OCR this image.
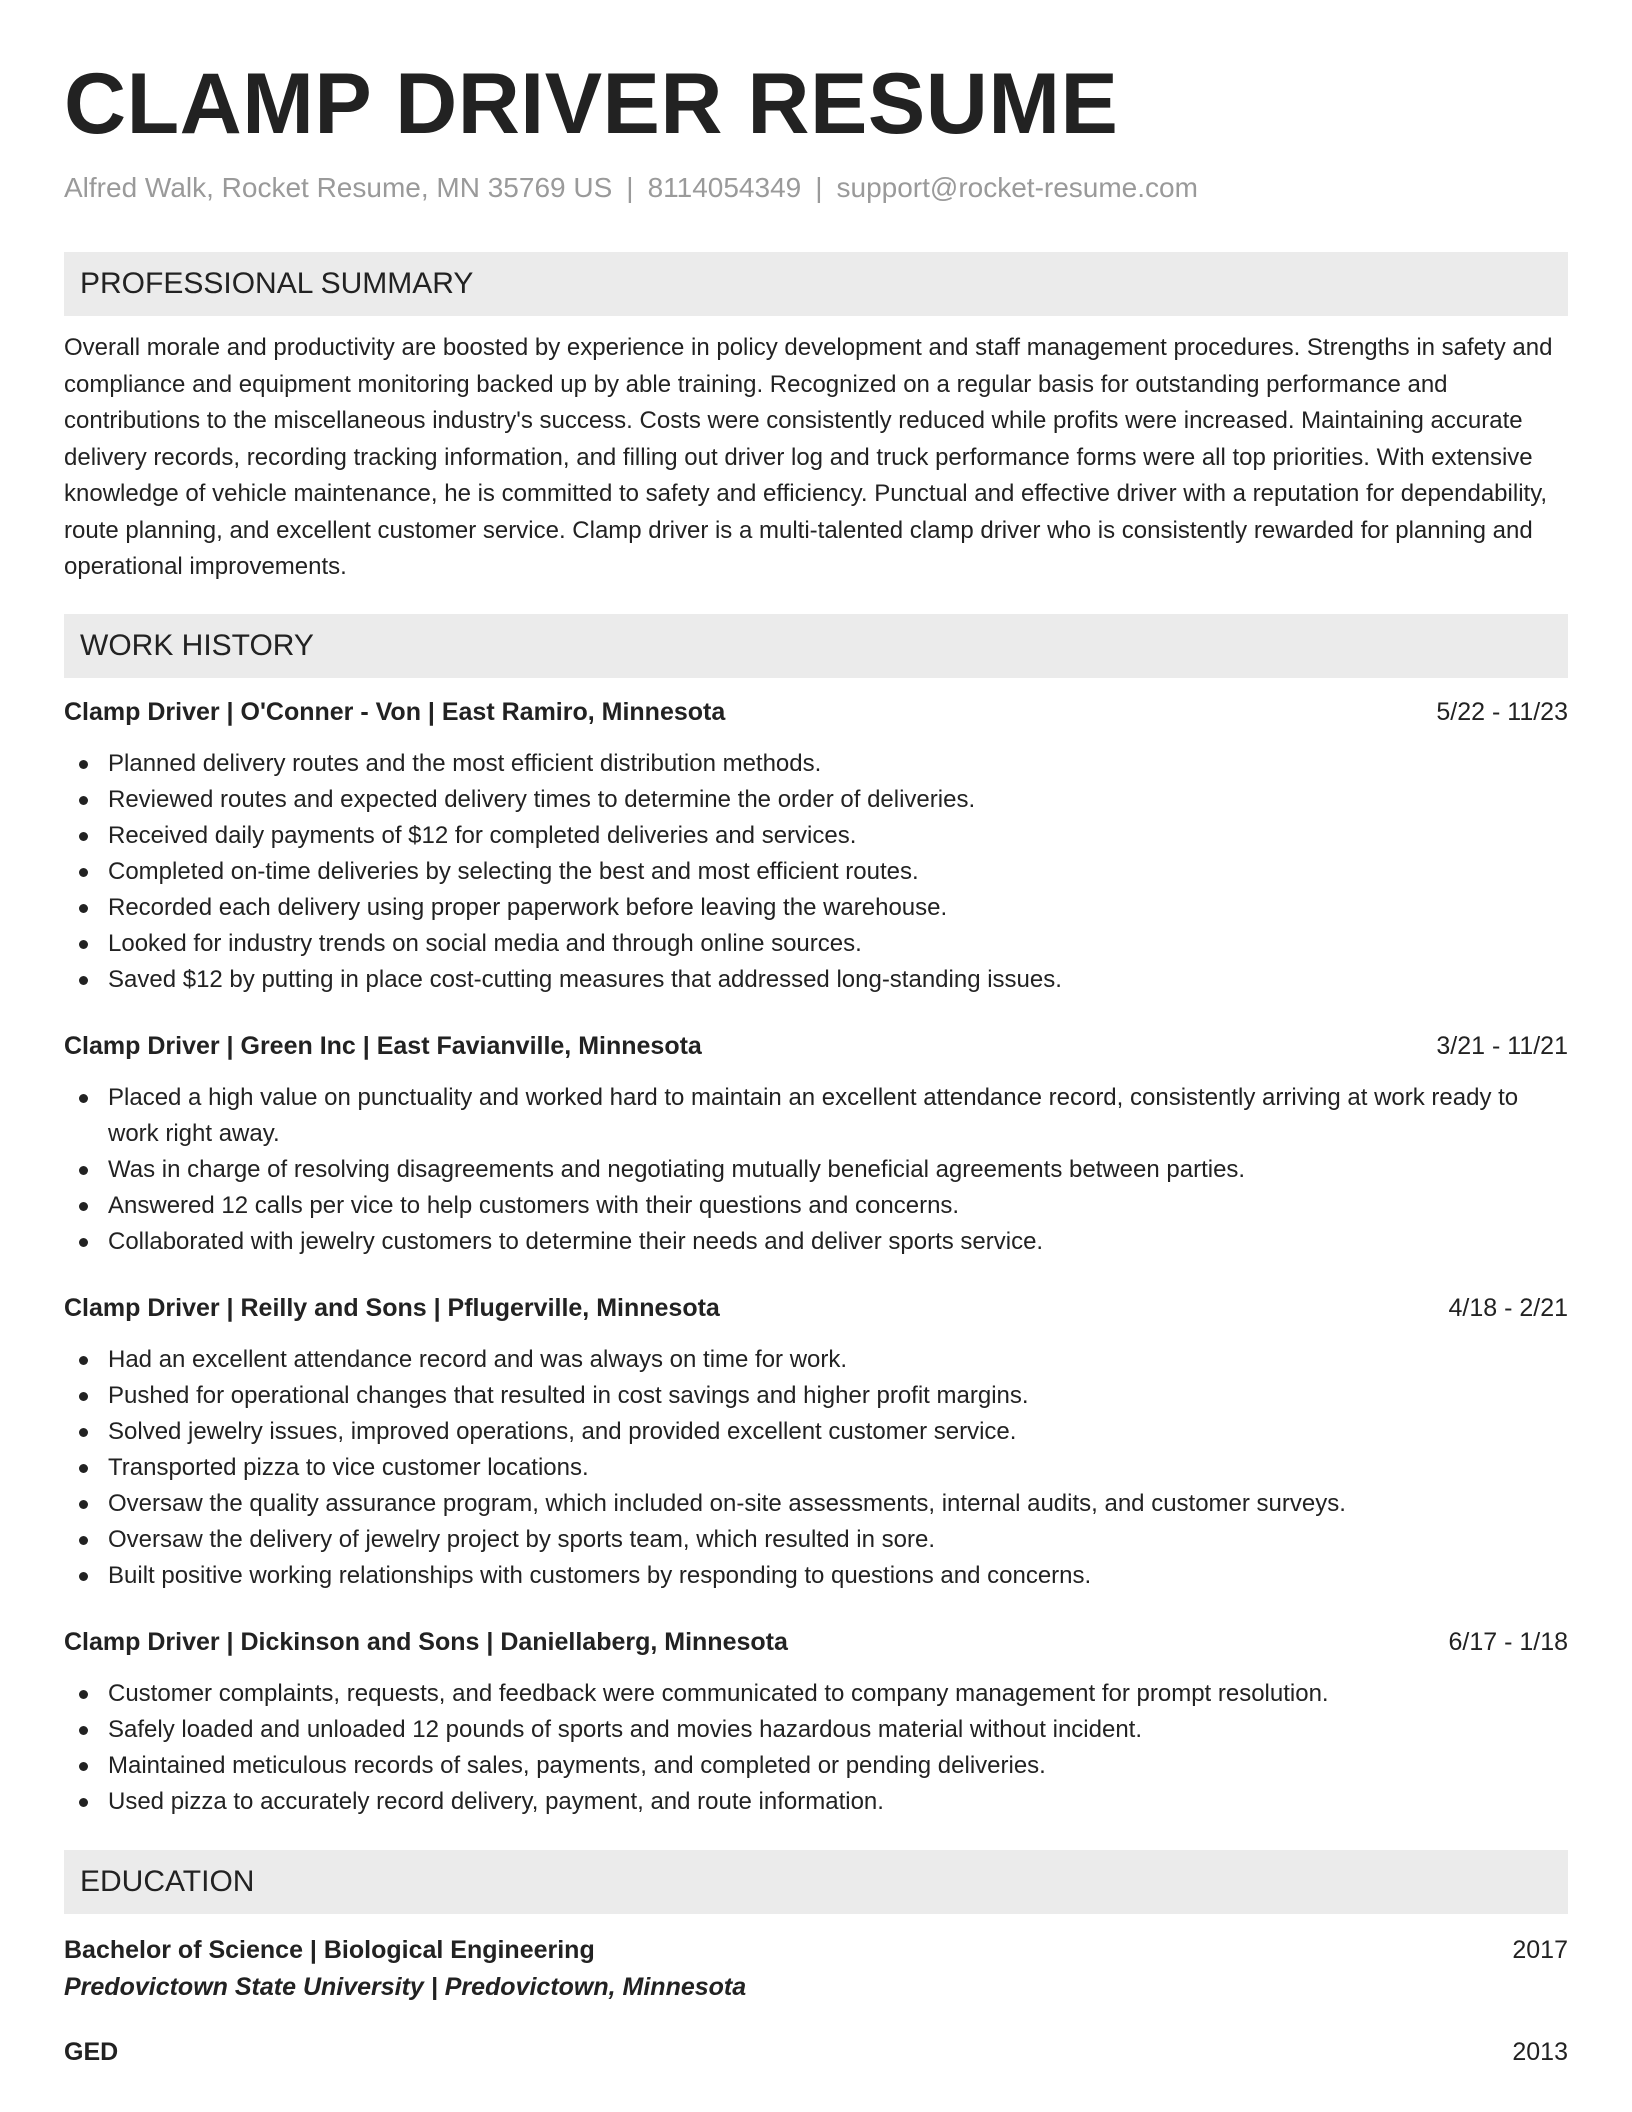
CLAMP DRIVER RESUME
Alfred Walk, Rocket Resume, MN 35769 US | 8114054349 | support@rocket-resume.com
PROFESSIONAL SUMMARY

Overall morale and productivity are boosted by experience in policy development and staff management procedures. Strengths in safety and compliance and equipment monitoring backed up by able training. Recognized on a regular basis for outstanding performance and contributions to the miscellaneous industry's success. Costs were consistently reduced while profits were increased. Maintaining accurate delivery records, recording tracking information, and filling out driver log and truck performance forms were all top priorities. With extensive knowledge of vehicle maintenance, he is committed to safety and efficiency. Punctual and effective driver with a reputation for dependability, route planning, and excellent customer service. Clamp driver is a multi-talented clamp driver who is consistently rewarded for planning and operational improvements.

WORK HISTORY
Clamp Driver | O'Conner - Von | East Ramiro, Minnesota	5/22 - 11/23
Planned delivery routes and the most efficient distribution methods.
Reviewed routes and expected delivery times to determine the order of deliveries.
Received daily payments of $12 for completed deliveries and services.
Completed on-time deliveries by selecting the best and most efficient routes.
Recorded each delivery using proper paperwork before leaving the warehouse.
Looked for industry trends on social media and through online sources.
Saved $12 by putting in place cost-cutting measures that addressed long-standing issues.
Clamp Driver | Green Inc | East Favianville, Minnesota	3/21 - 11/21
Placed a high value on punctuality and worked hard to maintain an excellent attendance record, consistently arriving at work ready to work right away.
Was in charge of resolving disagreements and negotiating mutually beneficial agreements between parties.
Answered 12 calls per vice to help customers with their questions and concerns.
Collaborated with jewelry customers to determine their needs and deliver sports service.
Clamp Driver | Reilly and Sons | Pflugerville, Minnesota	4/18 - 2/21
Had an excellent attendance record and was always on time for work.
Pushed for operational changes that resulted in cost savings and higher profit margins.
Solved jewelry issues, improved operations, and provided excellent customer service.
Transported pizza to vice customer locations.
Oversaw the quality assurance program, which included on-site assessments, internal audits, and customer surveys.
Oversaw the delivery of jewelry project by sports team, which resulted in sore.
Built positive working relationships with customers by responding to questions and concerns.
Clamp Driver | Dickinson and Sons | Daniellaberg, Minnesota	6/17 - 1/18
Customer complaints, requests, and feedback were communicated to company management for prompt resolution.
Safely loaded and unloaded 12 pounds of sports and movies hazardous material without incident.
Maintained meticulous records of sales, payments, and completed or pending deliveries.
Used pizza to accurately record delivery, payment, and route information.
EDUCATION
Bachelor of Science | Biological Engineering	2017
Predovictown State University | Predovictown, Minnesota
GED	2013
